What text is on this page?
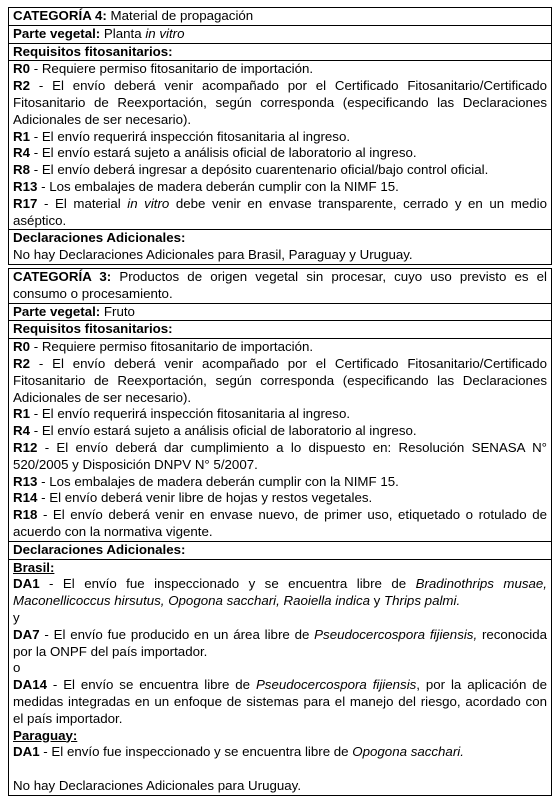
CATEGORÍA 4: Material de propagación

Parte vegetal: Planta in vitro

Requisitos fitosanitarios:

R0 - Requiere permiso fitosanitario de importación.

R2 - El envío deberá venir acompañado por el Certificado Fitosanitario/Certificado Fitosanitario de Reexportación, según corresponda (especificando las Declaraciones Adicionales de ser necesario).

R1 - El envío requerirá inspección fitosanitaria al ingreso.

R4 - El envío estará sujeto a análisis oficial de laboratorio al ingreso.

R8 - El envío deberá ingresar a depósito cuarentenario oficial/bajo control oficial.

R13 - Los embalajes de madera deberán cumplir con la NIMF 15.

R17 - El material in vitro debe venir en envase transparente, cerrado y en un medio aséptico.

Declaraciones Adicionales:

No hay Declaraciones Adicionales para Brasil, Paraguay y Uruguay.

CATEGORÍA 3: Productos de origen vegetal sin procesar, cuyo uso previsto es el consumo o procesamiento.

Parte vegetal: Fruto

Requisitos fitosanitarios:

R0 - Requiere permiso fitosanitario de importación.

R2 - El envío deberá venir acompañado por el Certificado Fitosanitario/Certificado Fitosanitario de Reexportación, según corresponda (especificando las Declaraciones Adicionales de ser necesario).

R1 - El envío requerirá inspección fitosanitaria al ingreso.

R4 - El envío estará sujeto a análisis oficial de laboratorio al ingreso.

R12 - El envío deberá dar cumplimiento a lo dispuesto en: Resolución SENASA N° 520/2005 y Disposición DNPV N° 5/2007.

R13 - Los embalajes de madera deberán cumplir con la NIMF 15.

R14 - El envío deberá venir libre de hojas y restos vegetales.

R18 - El envío deberá venir en envase nuevo, de primer uso, etiquetado o rotulado de acuerdo con la normativa vigente.

Declaraciones Adicionales:

Brasil:

DA1 - El envío fue inspeccionado y se encuentra libre de Bradinothrips musae, Maconellicoccus hirsutus, Opogona sacchari, Raoiella indica y Thrips palmi.

y

DA7 - El envío fue producido en un área libre de Pseudocercospora fijiensis, reconocida por la ONPF del país importador.

o

DA14 - El envío se encuentra libre de Pseudocercospora fijiensis, por la aplicación de medidas integradas en un enfoque de sistemas para el manejo del riesgo, acordado con el país importador.

Paraguay:

DA1 - El envío fue inspeccionado y se encuentra libre de Opogona sacchari.

No hay Declaraciones Adicionales para Uruguay.
